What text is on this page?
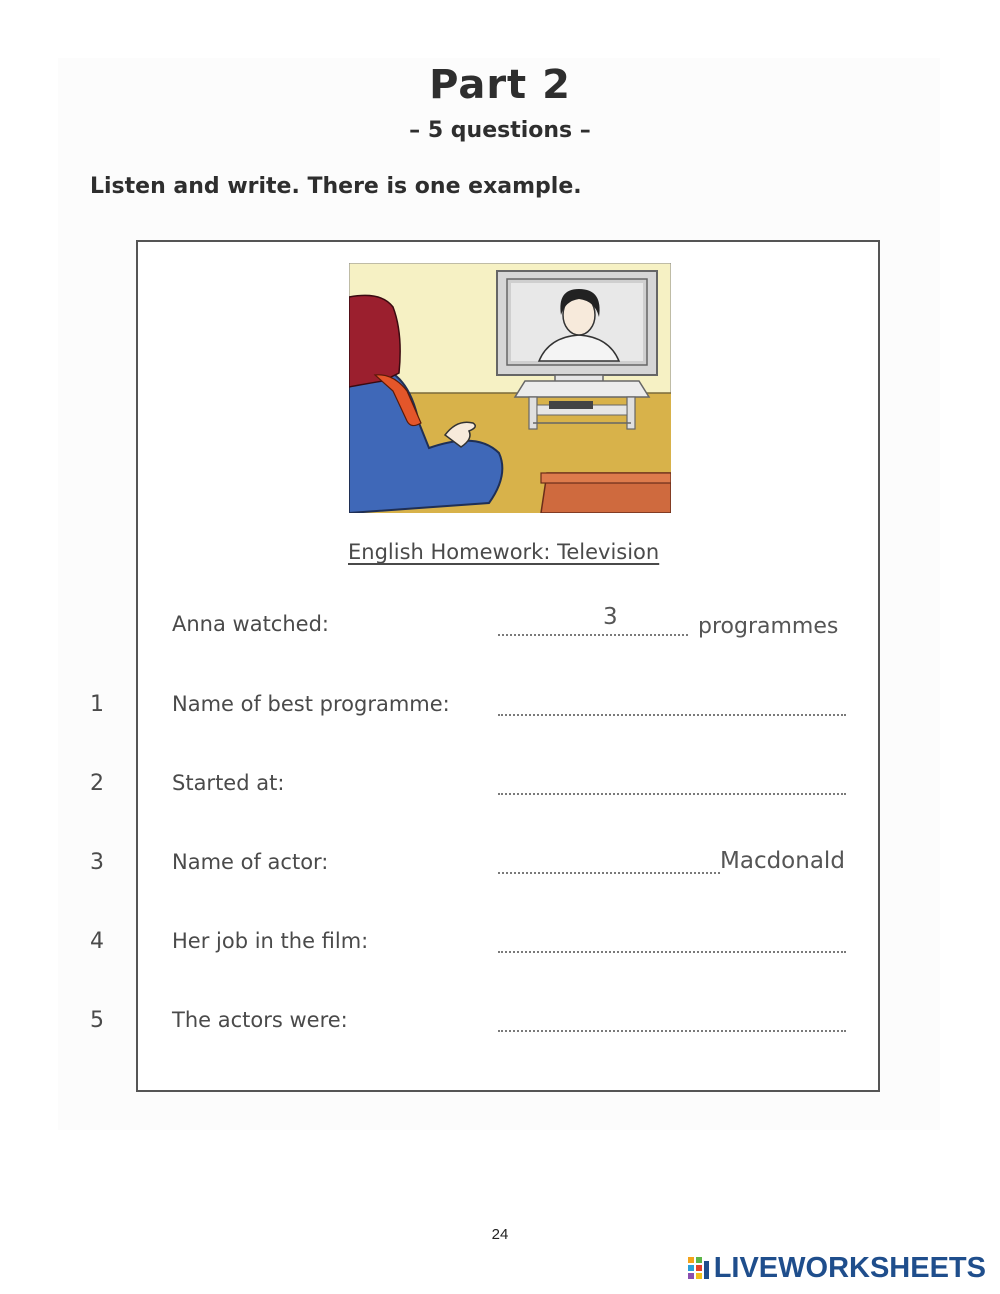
Part 2
– 5 questions –
Listen and write. There is one example.
English Homework: Television
Anna watched:	3	programmes
1	Name of best programme:
2	Started at:
3	Name of actor:	Macdonald
4	Her job in the film:
5	The actors were:
24
LIVEWORKSHEETS
